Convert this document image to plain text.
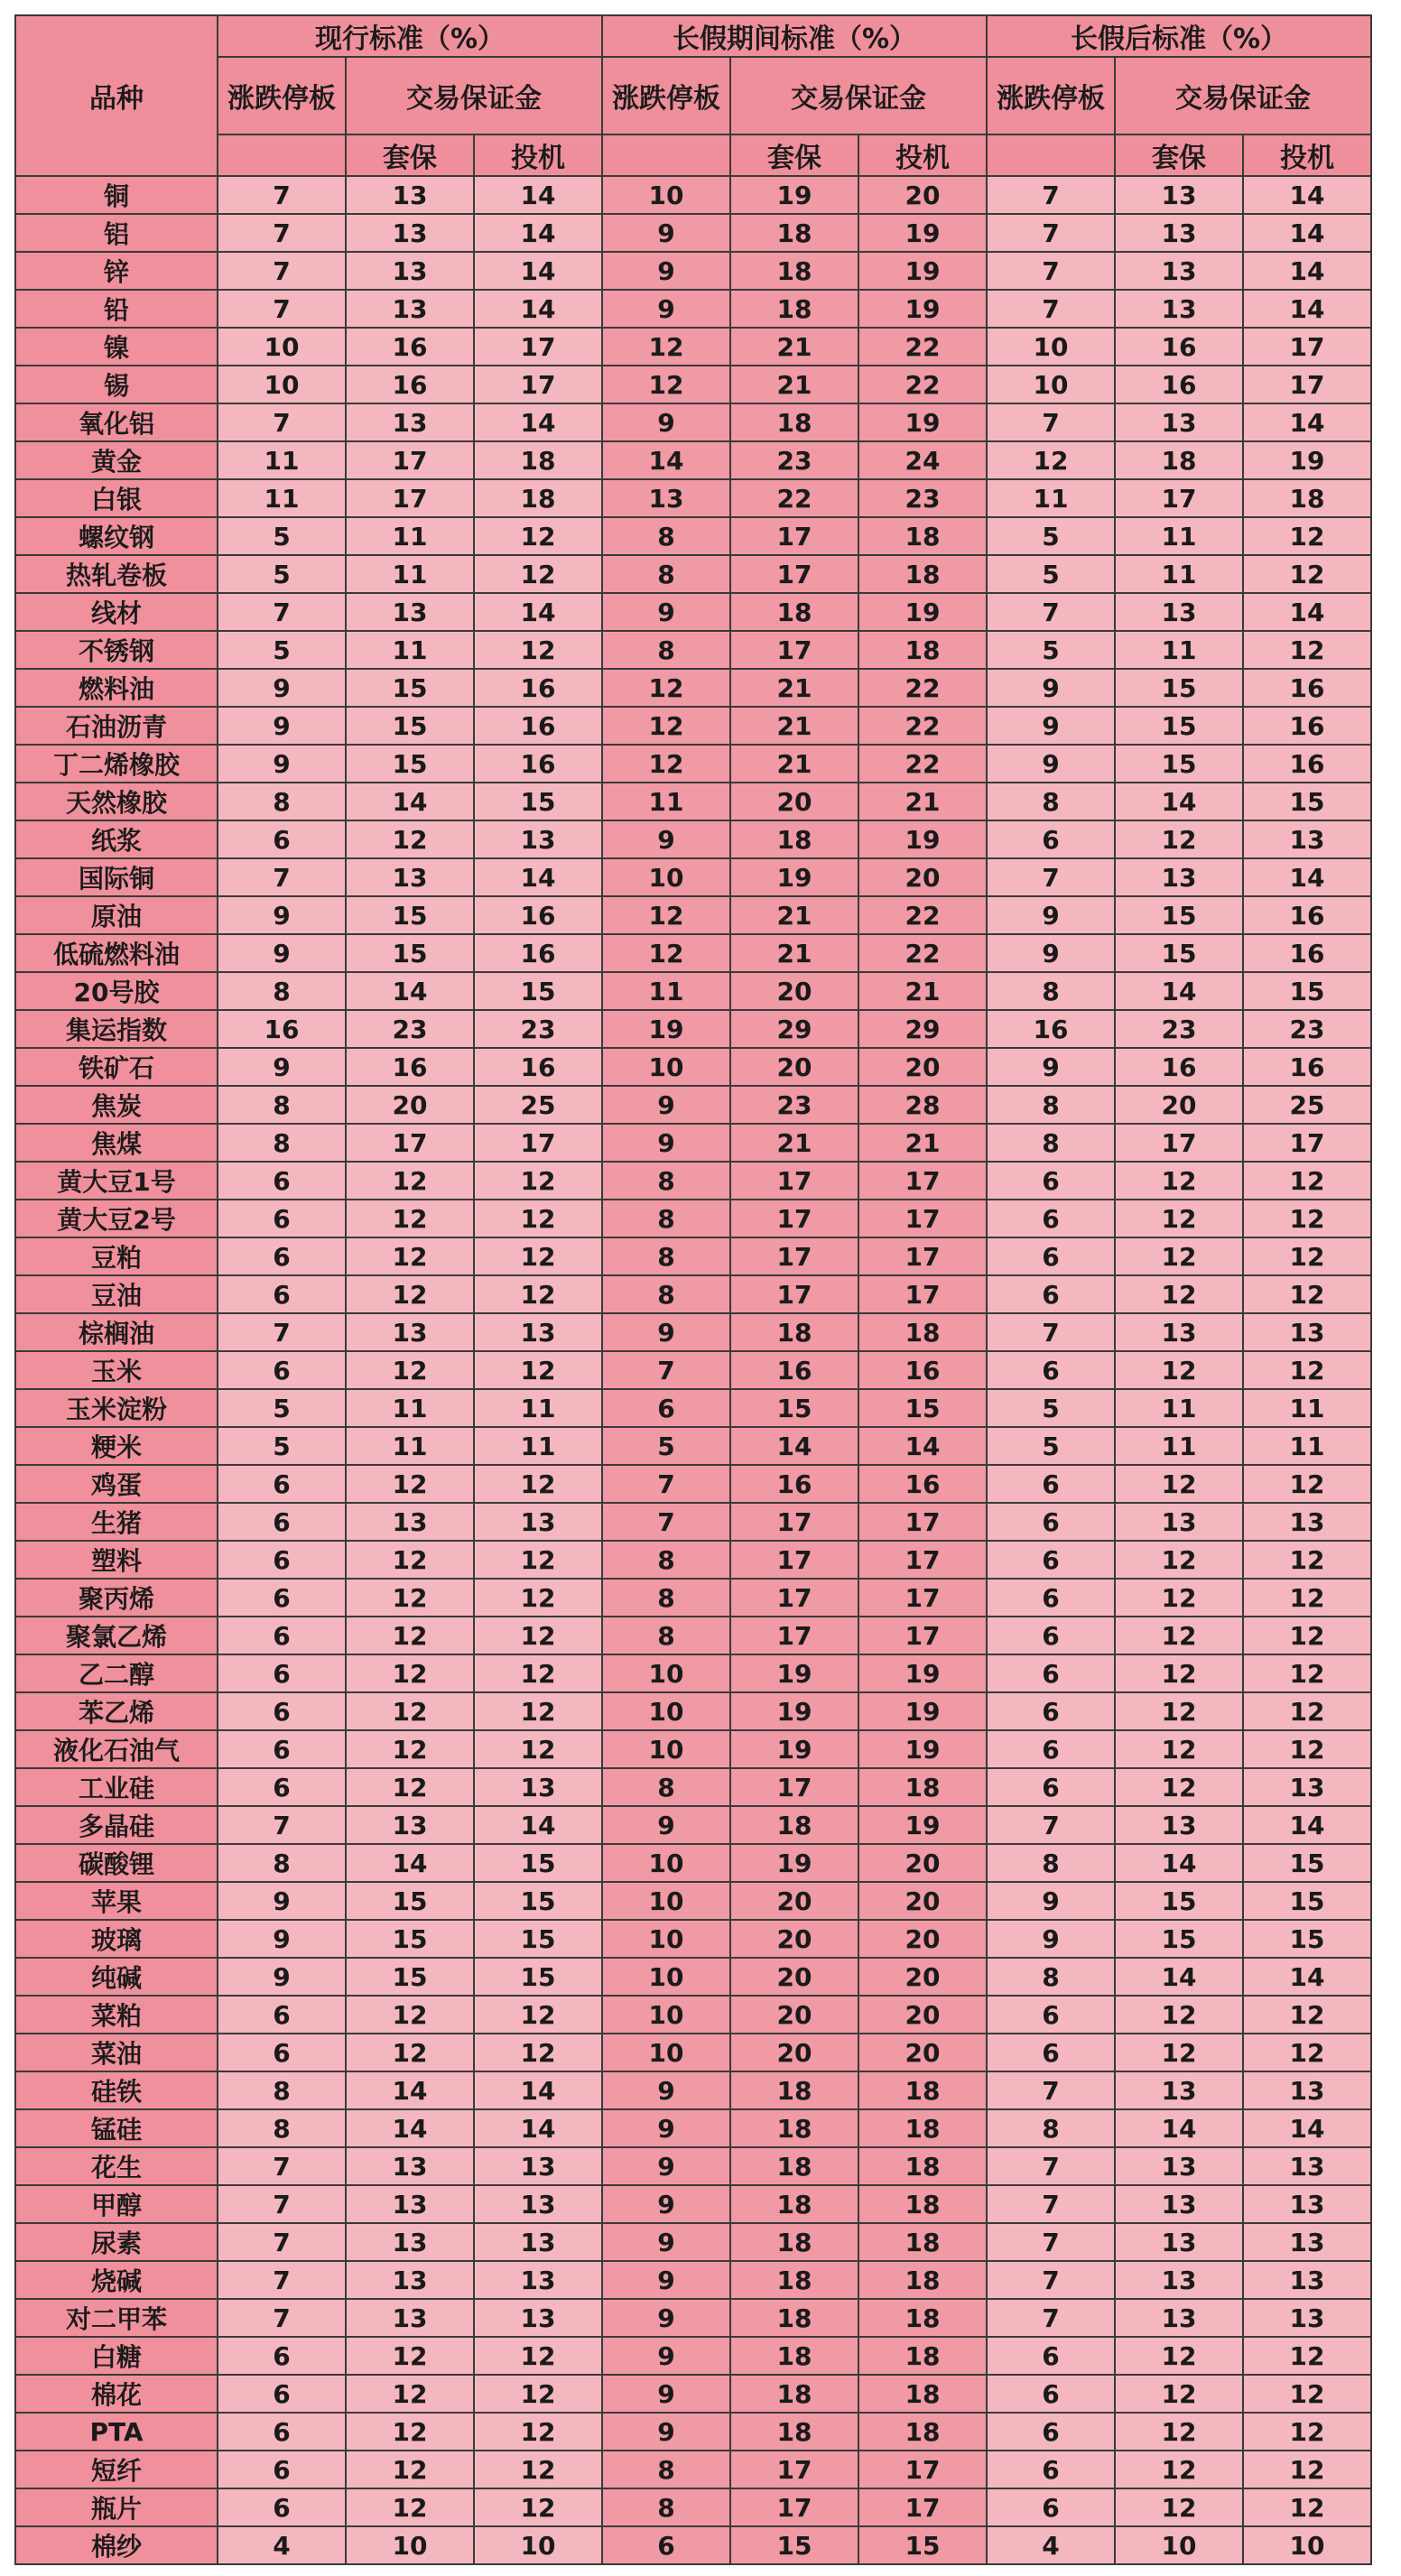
品种	现行标准（%）			长假期间标准（%）			长假后标准（%）		
	涨跌停板	交易保证金		涨跌停板	交易保证金		涨跌停板	交易保证金	
		套保	投机		套保	投机		套保	投机
铜	7	13	14	10	19	20	7	13	14
铝	7	13	14	9	18	19	7	13	14
锌	7	13	14	9	18	19	7	13	14
铅	7	13	14	9	18	19	7	13	14
镍	10	16	17	12	21	22	10	16	17
锡	10	16	17	12	21	22	10	16	17
氧化铝	7	13	14	9	18	19	7	13	14
黄金	11	17	18	14	23	24	12	18	19
白银	11	17	18	13	22	23	11	17	18
螺纹钢	5	11	12	8	17	18	5	11	12
热轧卷板	5	11	12	8	17	18	5	11	12
线材	7	13	14	9	18	19	7	13	14
不锈钢	5	11	12	8	17	18	5	11	12
燃料油	9	15	16	12	21	22	9	15	16
石油沥青	9	15	16	12	21	22	9	15	16
丁二烯橡胶	9	15	16	12	21	22	9	15	16
天然橡胶	8	14	15	11	20	21	8	14	15
纸浆	6	12	13	9	18	19	6	12	13
国际铜	7	13	14	10	19	20	7	13	14
原油	9	15	16	12	21	22	9	15	16
低硫燃料油	9	15	16	12	21	22	9	15	16
20号胶	8	14	15	11	20	21	8	14	15
集运指数	16	23	23	19	29	29	16	23	23
铁矿石	9	16	16	10	20	20	9	16	16
焦炭	8	20	25	9	23	28	8	20	25
焦煤	8	17	17	9	21	21	8	17	17
黄大豆1号	6	12	12	8	17	17	6	12	12
黄大豆2号	6	12	12	8	17	17	6	12	12
豆粕	6	12	12	8	17	17	6	12	12
豆油	6	12	12	8	17	17	6	12	12
棕榈油	7	13	13	9	18	18	7	13	13
玉米	6	12	12	7	16	16	6	12	12
玉米淀粉	5	11	11	6	15	15	5	11	11
粳米	5	11	11	5	14	14	5	11	11
鸡蛋	6	12	12	7	16	16	6	12	12
生猪	6	13	13	7	17	17	6	13	13
塑料	6	12	12	8	17	17	6	12	12
聚丙烯	6	12	12	8	17	17	6	12	12
聚氯乙烯	6	12	12	8	17	17	6	12	12
乙二醇	6	12	12	10	19	19	6	12	12
苯乙烯	6	12	12	10	19	19	6	12	12
液化石油气	6	12	12	10	19	19	6	12	12
工业硅	6	12	13	8	17	18	6	12	13
多晶硅	7	13	14	9	18	19	7	13	14
碳酸锂	8	14	15	10	19	20	8	14	15
苹果	9	15	15	10	20	20	9	15	15
玻璃	9	15	15	10	20	20	9	15	15
纯碱	9	15	15	10	20	20	8	14	14
菜粕	6	12	12	10	20	20	6	12	12
菜油	6	12	12	10	20	20	6	12	12
硅铁	8	14	14	9	18	18	7	13	13
锰硅	8	14	14	9	18	18	8	14	14
花生	7	13	13	9	18	18	7	13	13
甲醇	7	13	13	9	18	18	7	13	13
尿素	7	13	13	9	18	18	7	13	13
烧碱	7	13	13	9	18	18	7	13	13
对二甲苯	7	13	13	9	18	18	7	13	13
白糖	6	12	12	9	18	18	6	12	12
棉花	6	12	12	9	18	18	6	12	12
PTA	6	12	12	9	18	18	6	12	12
短纤	6	12	12	8	17	17	6	12	12
瓶片	6	12	12	8	17	17	6	12	12
棉纱	4	10	10	6	15	15	4	10	10
